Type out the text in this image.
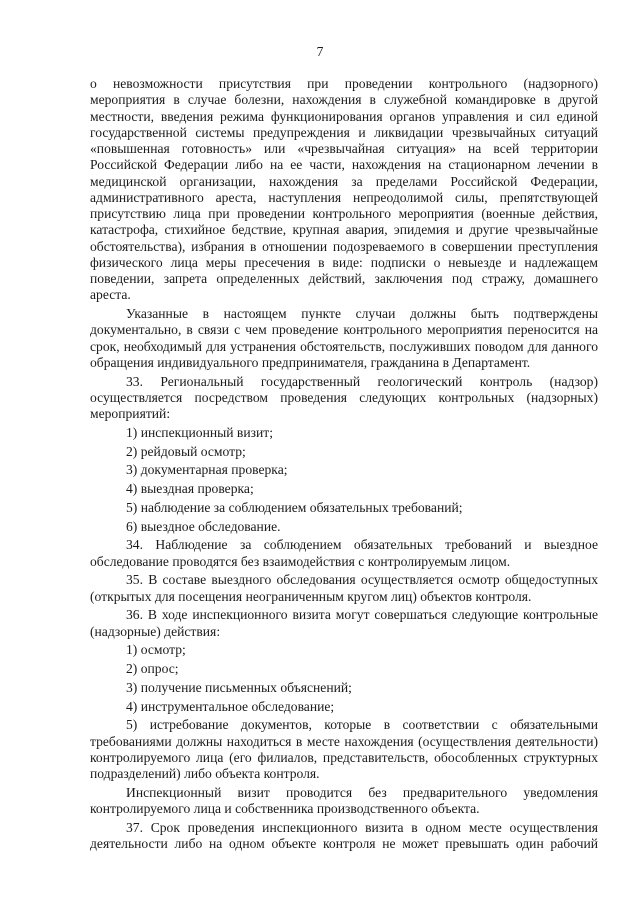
7

о невозможности присутствия при проведении контрольного (надзорного) мероприятия в случае болезни, нахождения в служебной командировке в другой местности, введения режима функционирования органов управления и сил единой государственной системы предупреждения и ликвидации чрезвычайных ситуаций «повышенная готовность» или «чрезвычайная ситуация» на всей территории Российской Федерации либо на ее части, нахождения на стационарном лечении в медицинской организации, нахождения за пределами Российской Федерации, административного ареста, наступления непреодолимой силы, препятствующей присутствию лица при проведении контрольного мероприятия (военные действия, катастрофа, стихийное бедствие, крупная авария, эпидемия и другие чрезвычайные обстоятельства), избрания в отношении подозреваемого в совершении преступления физического лица меры пресечения в виде: подписки о невыезде и надлежащем поведении, запрета определенных действий, заключения под стражу, домашнего ареста.

Указанные в настоящем пункте случаи должны быть подтверждены документально, в связи с чем проведение контрольного мероприятия переносится на срок, необходимый для устранения обстоятельств, послуживших поводом для данного обращения индивидуального предпринимателя, гражданина в Департамент.

33. Региональный государственный геологический контроль (надзор) осуществляется посредством проведения следующих контрольных (надзорных) мероприятий:

1) инспекционный визит;

2) рейдовый осмотр;

3) документарная проверка;

4) выездная проверка;

5) наблюдение за соблюдением обязательных требований;

6) выездное обследование.

34. Наблюдение за соблюдением обязательных требований и выездное обследование проводятся без взаимодействия с контролируемым лицом.

35. В составе выездного обследования осуществляется осмотр общедоступных (открытых для посещения неограниченным кругом лиц) объектов контроля.

36. В ходе инспекционного визита могут совершаться следующие контрольные (надзорные) действия:

1) осмотр;

2) опрос;

3) получение письменных объяснений;

4) инструментальное обследование;

5) истребование документов, которые в соответствии с обязательными требованиями должны находиться в месте нахождения (осуществления деятельности) контролируемого лица (его филиалов, представительств, обособленных структурных подразделений) либо объекта контроля.

Инспекционный визит проводится без предварительного уведомления контролируемого лица и собственника производственного объекта.

37. Срок проведения инспекционного визита в одном месте осуществления деятельности либо на одном объекте контроля не может превышать один рабочий
